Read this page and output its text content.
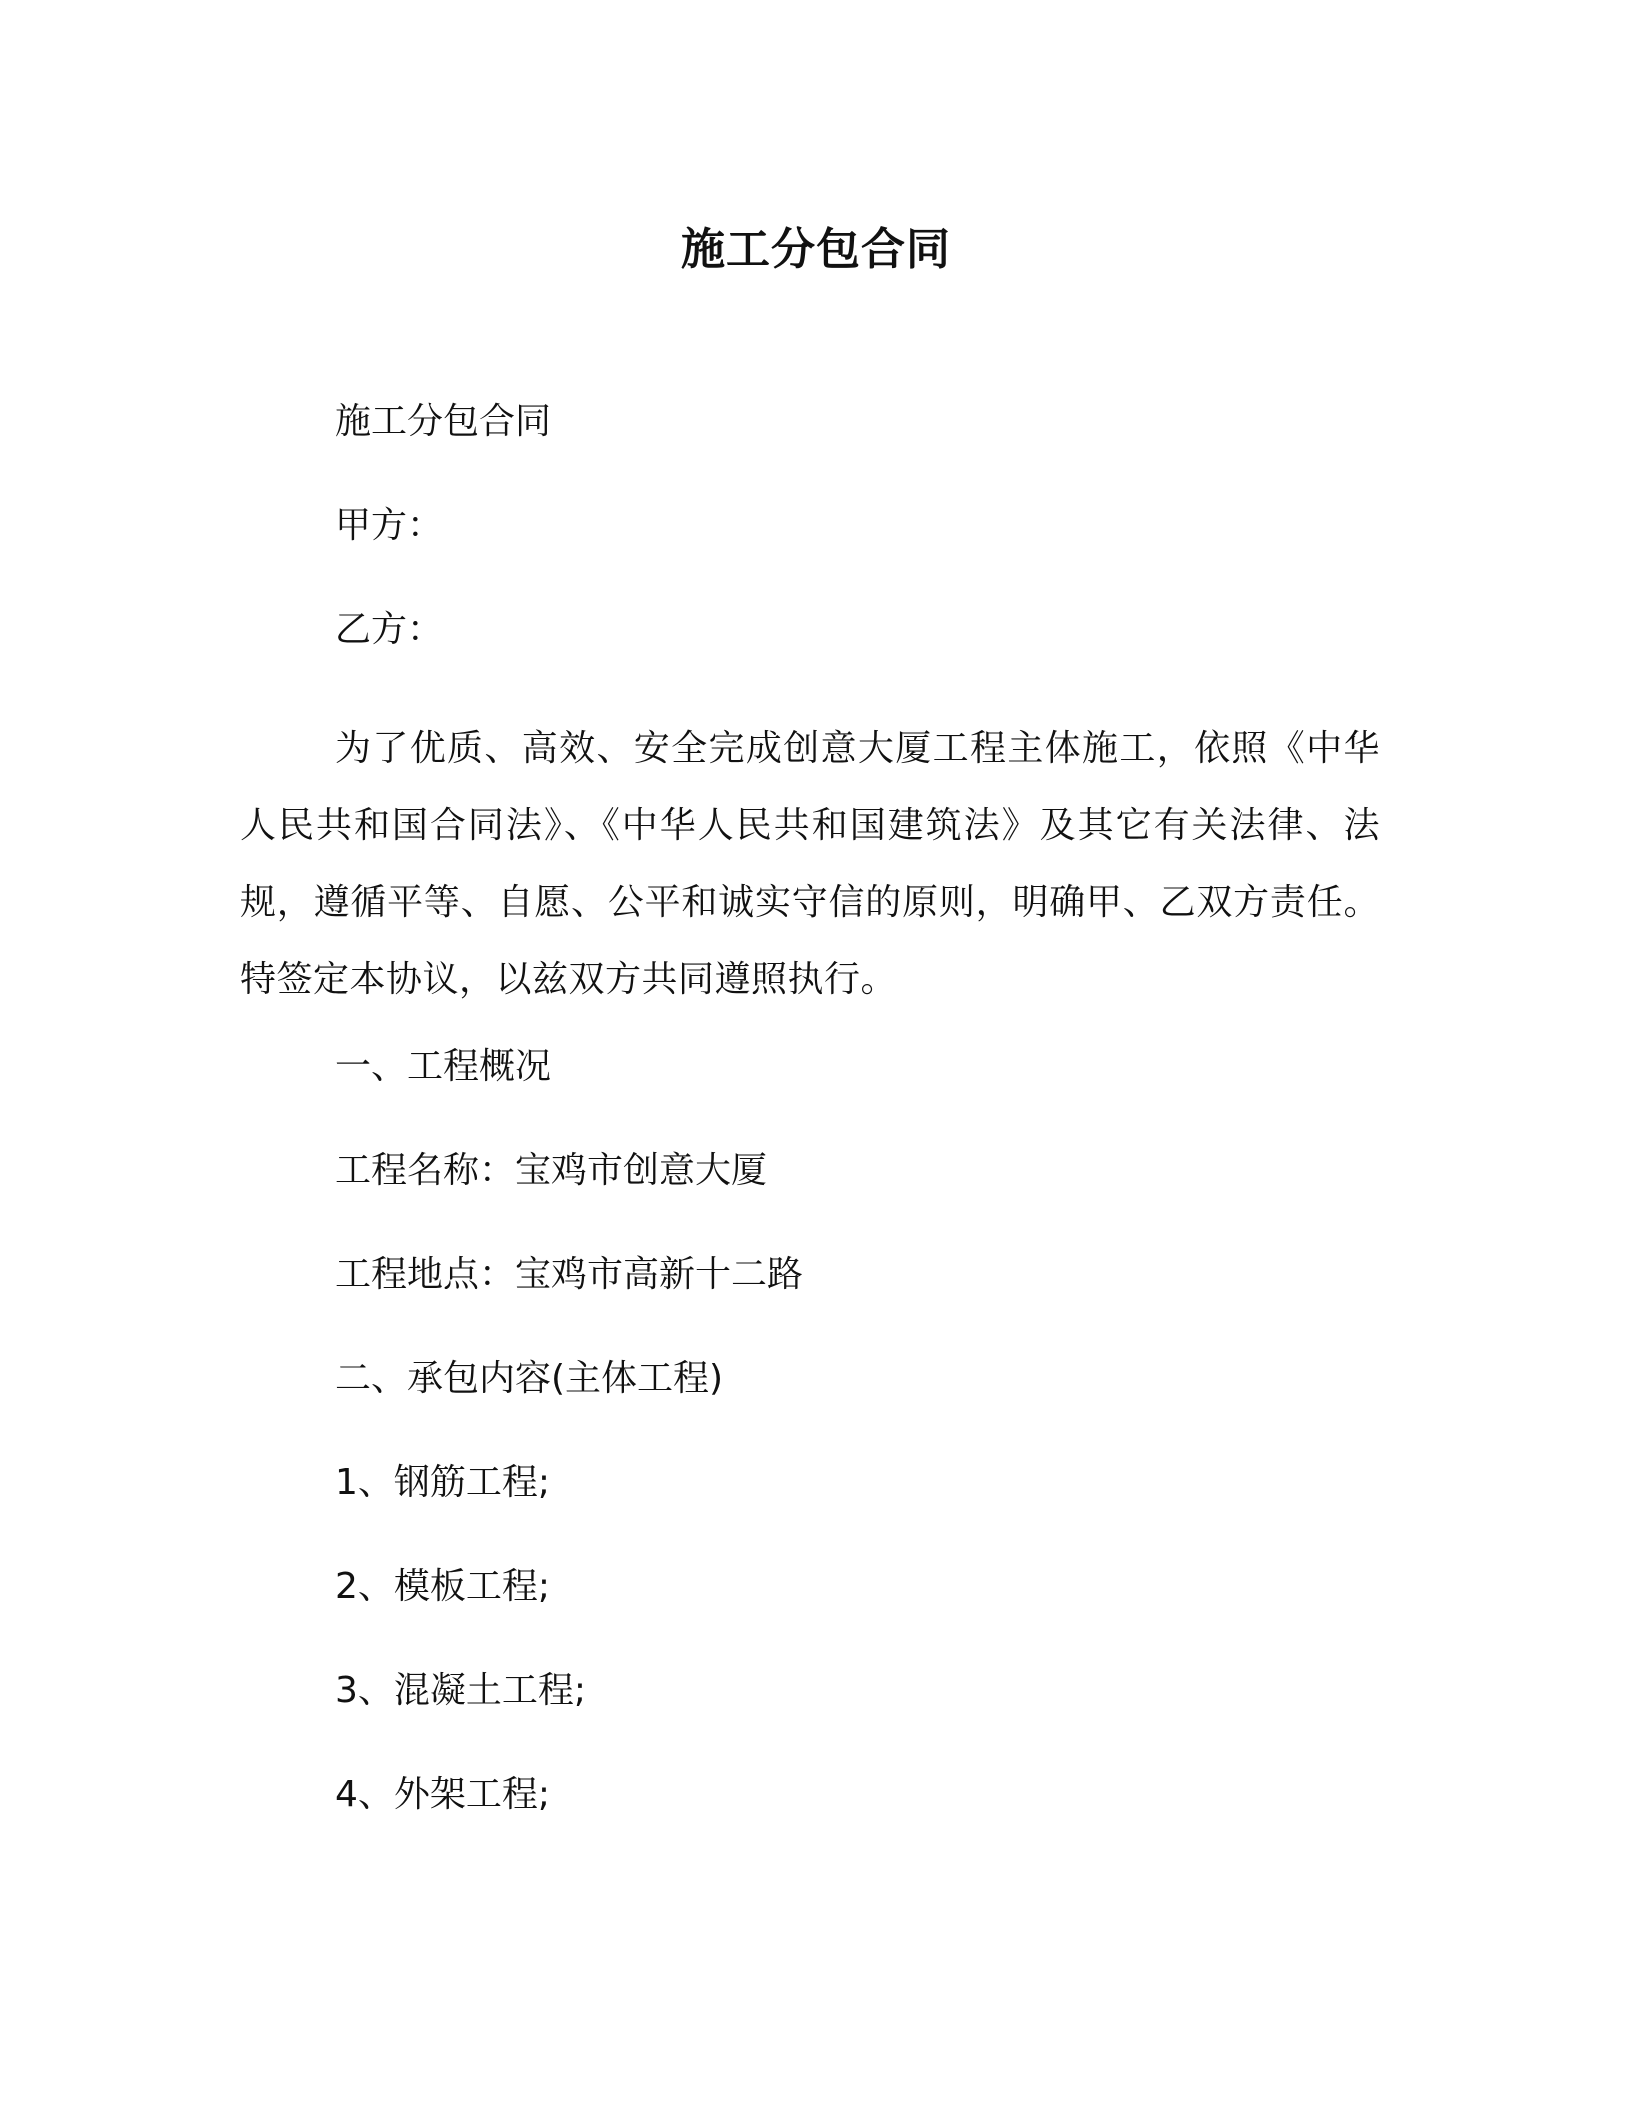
施工分包合同
施工分包合同
甲方：
乙方：
为了优质、高效、安全完成创意大厦工程主体施工，依照《中华人民共和国合同法》、《中华人民共和国建筑法》及其它有关法律、法规，遵循平等、自愿、公平和诚实守信的原则，明确甲、乙双方责任。特签定本协议，以兹双方共同遵照执行。
一、工程概况
工程名称：宝鸡市创意大厦
工程地点：宝鸡市高新十二路
二、承包内容(主体工程)
1、钢筋工程;
2、模板工程;
3、混凝土工程;
4、外架工程;
